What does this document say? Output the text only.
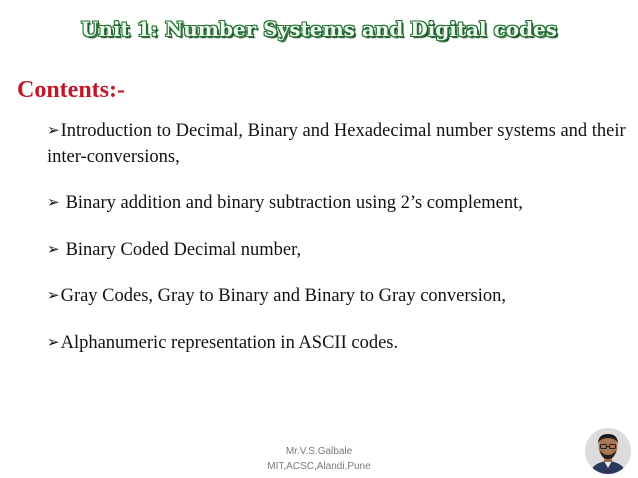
Unit 1: Number Systems and Digital codes
Contents:-
➢Introduction to Decimal, Binary and Hexadecimal number systems and their inter-conversions,
➢ Binary addition and binary subtraction using 2’s complement,
➢ Binary Coded Decimal number,
➢Gray Codes, Gray to Binary and Binary to Gray conversion,
➢Alphanumeric representation in ASCII codes.
Mr.V.S.Galbale
MIT,ACSC,Alandi,Pune
